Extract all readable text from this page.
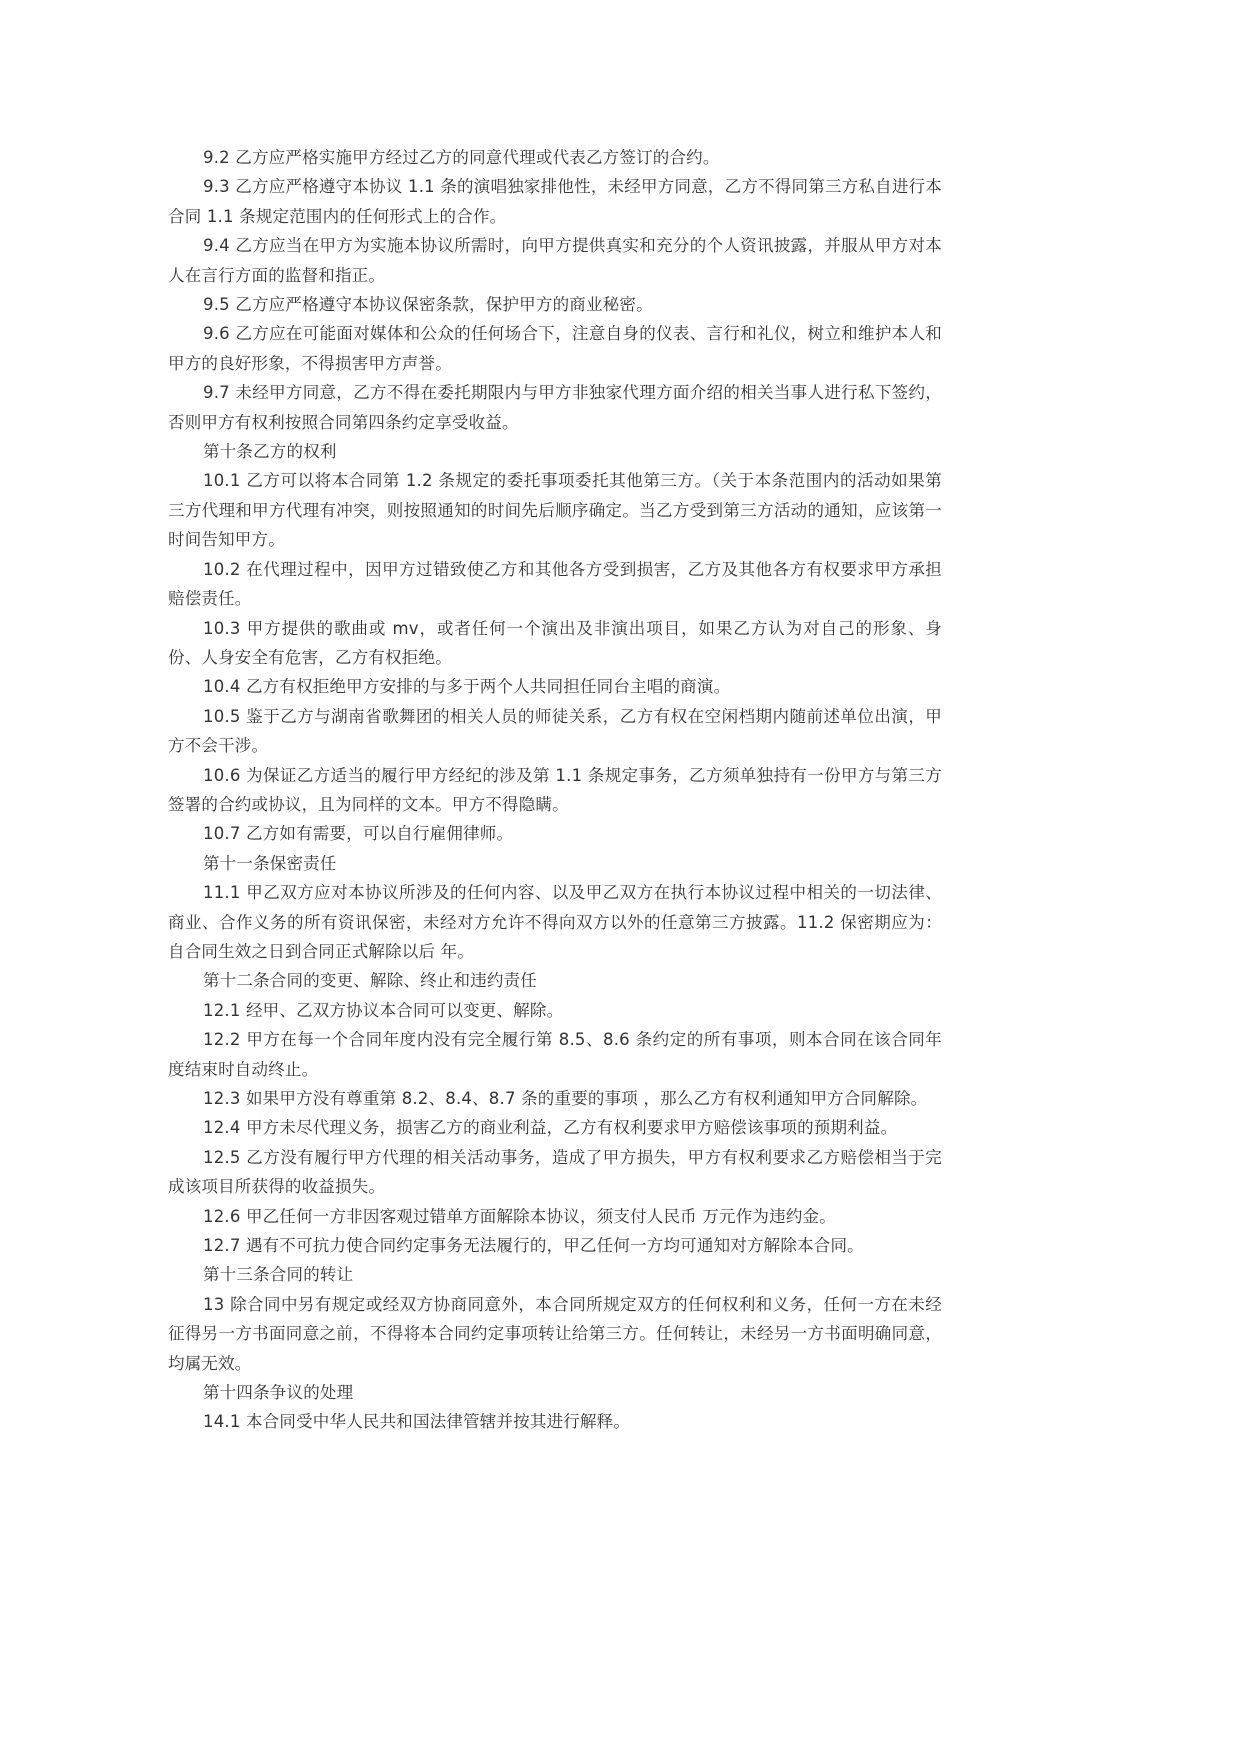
9.2 乙方应严格实施甲方经过乙方的同意代理或代表乙方签订的合约。

9.3 乙方应严格遵守本协议 1.1 条的演唱独家排他性，未经甲方同意，乙方不得同第三方私自进行本合同 1.1 条规定范围内的任何形式上的合作。

9.4 乙方应当在甲方为实施本协议所需时，向甲方提供真实和充分的个人资讯披露，并服从甲方对本人在言行方面的监督和指正。

9.5 乙方应严格遵守本协议保密条款，保护甲方的商业秘密。

9.6 乙方应在可能面对媒体和公众的任何场合下，注意自身的仪表、言行和礼仪，树立和维护本人和甲方的良好形象，不得损害甲方声誉。

9.7 未经甲方同意，乙方不得在委托期限内与甲方非独家代理方面介绍的相关当事人进行私下签约，否则甲方有权利按照合同第四条约定享受收益。

第十条乙方的权利

10.1 乙方可以将本合同第 1.2 条规定的委托事项委托其他第三方。（关于本条范围内的活动如果第三方代理和甲方代理有冲突，则按照通知的时间先后顺序确定。当乙方受到第三方活动的通知，应该第一时间告知甲方。

10.2 在代理过程中，因甲方过错致使乙方和其他各方受到损害，乙方及其他各方有权要求甲方承担赔偿责任。

10.3 甲方提供的歌曲或 mv，或者任何一个演出及非演出项目，如果乙方认为对自己的形象、身份、人身安全有危害，乙方有权拒绝。

10.4 乙方有权拒绝甲方安排的与多于两个人共同担任同台主唱的商演。

10.5 鉴于乙方与湖南省歌舞团的相关人员的师徒关系，乙方有权在空闲档期内随前述单位出演，甲方不会干涉。

10.6 为保证乙方适当的履行甲方经纪的涉及第 1.1 条规定事务，乙方须单独持有一份甲方与第三方签署的合约或协议，且为同样的文本。甲方不得隐瞒。

10.7 乙方如有需要，可以自行雇佣律师。

第十一条保密责任

11.1 甲乙双方应对本协议所涉及的任何内容、以及甲乙双方在执行本协议过程中相关的一切法律、商业、合作义务的所有资讯保密，未经对方允许不得向双方以外的任意第三方披露。11.2 保密期应为：自合同生效之日到合同正式解除以后 年。

第十二条合同的变更、解除、终止和违约责任

12.1 经甲、乙双方协议本合同可以变更、解除。

12.2 甲方在每一个合同年度内没有完全履行第 8.5、8.6 条约定的所有事项，则本合同在该合同年度结束时自动终止。

12.3 如果甲方没有尊重第 8.2、8.4、8.7 条的重要的事项 ，那么乙方有权利通知甲方合同解除。

12.4 甲方未尽代理义务，损害乙方的商业利益，乙方有权利要求甲方赔偿该事项的预期利益。

12.5 乙方没有履行甲方代理的相关活动事务，造成了甲方损失，甲方有权利要求乙方赔偿相当于完成该项目所获得的收益损失。

12.6 甲乙任何一方非因客观过错单方面解除本协议，须支付人民币 万元作为违约金。

12.7 遇有不可抗力使合同约定事务无法履行的，甲乙任何一方均可通知对方解除本合同。

第十三条合同的转让

13 除合同中另有规定或经双方协商同意外，本合同所规定双方的任何权利和义务，任何一方在未经征得另一方书面同意之前，不得将本合同约定事项转让给第三方。任何转让，未经另一方书面明确同意，均属无效。

第十四条争议的处理

14.1 本合同受中华人民共和国法律管辖并按其进行解释。
